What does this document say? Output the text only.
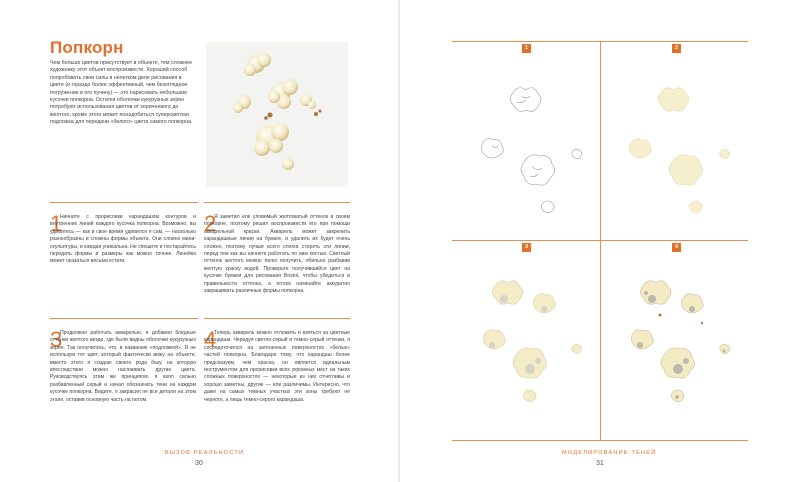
Попкорн
Чем больше цветов присутствует в объекте, тем сложнее художнику этот объект воспроизвести. Хороший способ попробовать свои силы в нелегком деле рисования в цвете (и гораздо более эффективный, чем безоглядное погружение в его пучину) — это нарисовать небольшие кусочки попкорна. Остатки оболочки кукурузных зерен потребуют использования цветов от коричневого до желтого, кроме этого может понадобиться суперсветлая подложка для передачи «белого» цвета самого попкорна.
1
Начните с прорисовки карандашом контуров и внутренних линий каждого кусочка попкорна. Возможно, вы удивитесь — как в свое время удивился я сам, — насколько разнообразны и сложны формы объекта. Они словно мини-скульптуры, и каждая уникальна. Не спешите и постарайтесь передать формы и размеры как можно точнее. Линейка может оказаться весьма кстати.
2
Я заметил еле уловимый желтоватый оттенок в своем попкорне, поэтому решил воспроизвести его при помощи акварельной краски. Акварель может закрепить карандашные линии на бумаге, и удалить их будет очень сложно, поэтому лучше всего слегка стереть эти линии, перед тем как вы начнете работать по ним кистью. Светлый оттенок желтого можно легко получить, обильно разбавив желтую краску водой. Проверьте получившийся цвет на кусочке бумаги для рисования Bristol, чтобы убедиться в правильности оттенка, а потом начинайте аккуратно закрашивать различные формы попкорна.
3
Продолжая работать акварелью, я добавил бледные оттенки желтого везде, где были видны оболочки кукурузных зерен. Так получилось, что, в названию «подложкой». Я не использую тот цвет, который фактически вижу на объекте; вместо этого я создаю своего рода базу, на которую впоследствии можно наслаивать другие цвета. Руководствуясь этим же принципом, я взял сильно разбавленный серый и начал обозначать тени на каждом кусочке попкорна. Видите, я закрасил не все детали на этом этапе, оставив основную часть на потом.
4
Теперь акварель можно отложить и взяться за цветные карандаши. Чередуя светло-серый и темно-серый оттенки, я сосредоточился на затененных поверхностях «белых» частей попкорна. Благодаря тому, что карандаш более предсказуем, чем краска, он является идеальным инструментом для прорисовки всех укромных мест на таких сложных поверхностях — некоторые из них отчетливы и хорошо заметны, другие — еле различимы. Интересно, что даже на самых темных участках эти зоны требуют не черного, а лишь темно-серого карандаша.
ВЫЗОВ РЕАЛЬНОСТИ
30
1	2
3	4
МОДЕЛИРОВАНИЕ ТЕНЕЙ
31
